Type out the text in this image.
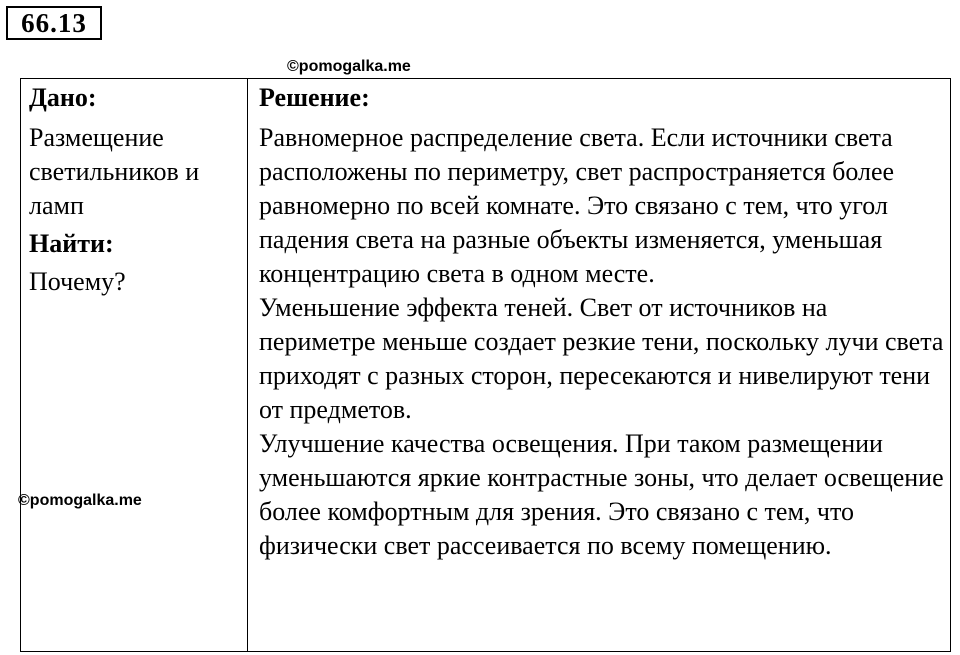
66.13
©pomogalka.me

Дано:

Размещение светильников и ламп

Найти:

Почему?

Решение:

Равномерное распределение света. Если источники света расположены по периметру, свет распространяется более равномерно по всей комнате. Это связано с тем, что угол падения света на разные объекты изменяется, уменьшая концентрацию света в одном месте.

Уменьшение эффекта теней. Свет от источников на периметре меньше создает резкие тени, поскольку лучи света приходят с разных сторон, пересекаются и нивелируют тени от предметов.

Улучшение качества освещения. При таком размещении уменьшаются яркие контрастные зоны, что делает освещение более комфортным для зрения. Это связано с тем, что физически свет рассеивается по всему помещению.

©pomogalka.me
